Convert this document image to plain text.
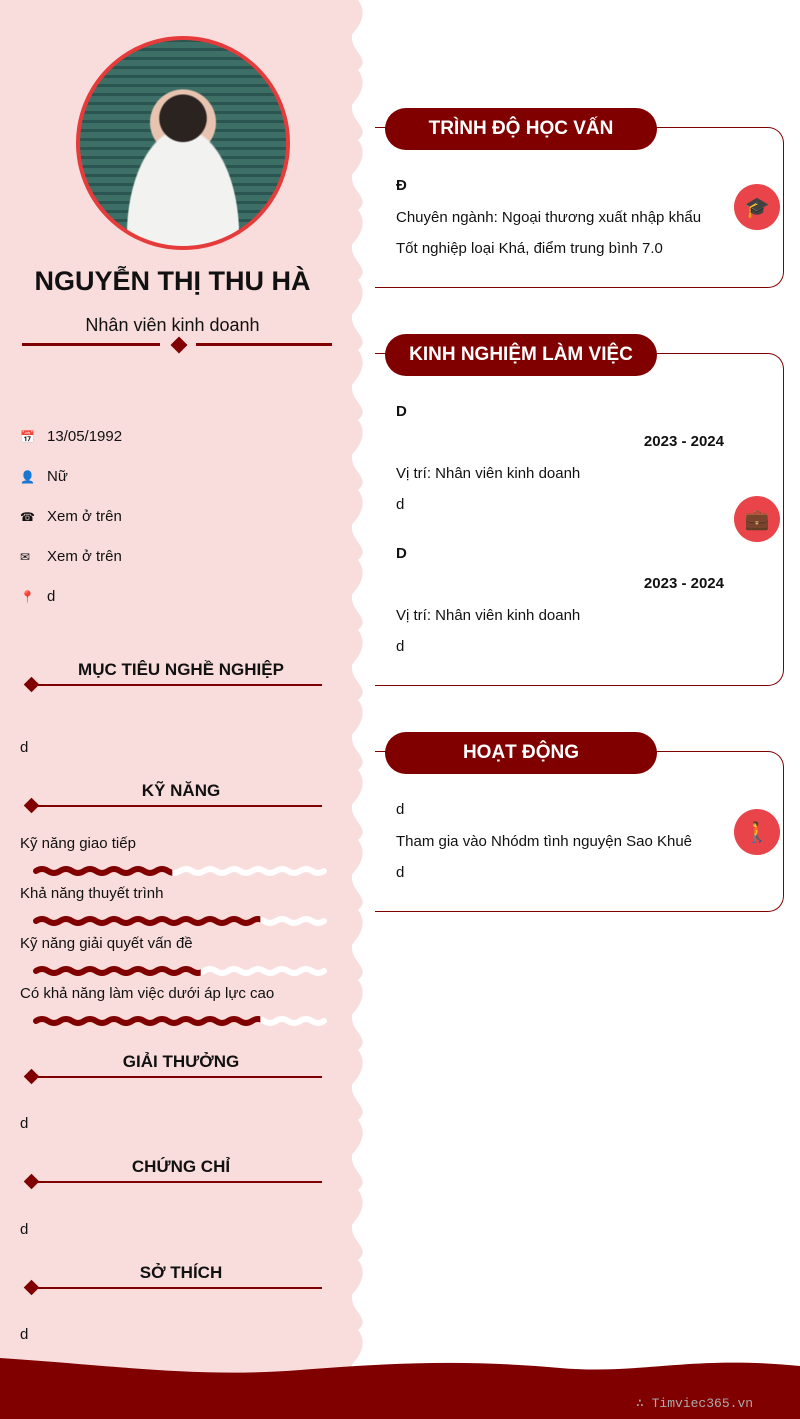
NGUYỄN THỊ THU HÀ
Nhân viên kinh doanh
📅 13/05/1992
👤 Nữ
☎ Xem ở trên
✉	Xem ở trên
📍 d
MỤC TIÊU NGHỀ NGHIỆP
d
KỸ NĂNG
Kỹ năng giao tiếp
Khả năng thuyết trình
Kỹ năng giải quyết vấn đề
Có khả năng làm việc dưới áp lực cao
GIẢI THƯỞNG
d
CHỨNG CHỈ
d
SỞ THÍCH
d
TRÌNH ĐỘ HỌC VẤN
Đ
Chuyên ngành: Ngoại thương xuất nhập khẩu
Tốt nghiệp loại Khá, điểm trung bình 7.0
🎓
KINH NGHIỆM LÀM VIỆC
D
2023 - 2024
Vị trí: Nhân viên kinh doanh
d
D
2023 - 2024
Vị trí: Nhân viên kinh doanh
d
💼
HOẠT ĐỘNG
d
Tham gia vào Nhódm tình nguyện Sao Khuê
d
🚶
∴ Timviec365.vn
